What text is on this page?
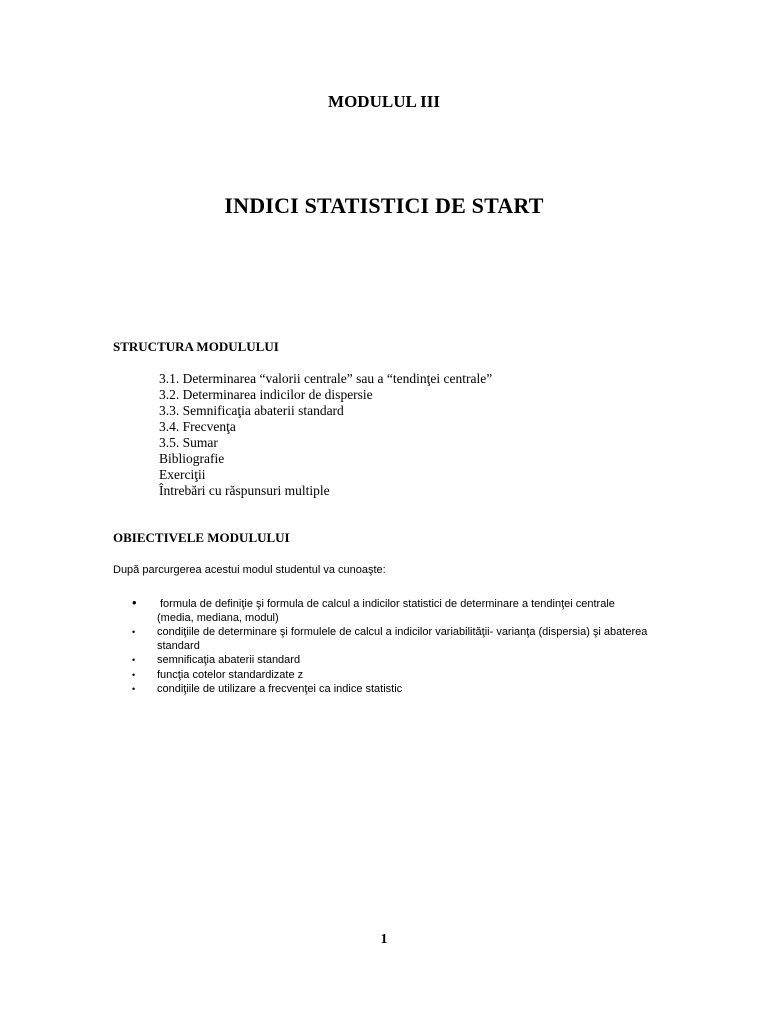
MODULUL III
INDICI STATISTICI DE START
STRUCTURA MODULULUI
3.1. Determinarea “valorii centrale” sau a “tendinţei centrale”
3.2. Determinarea indicilor de dispersie
3.3. Semnificaţia abaterii standard
3.4. Frecvenţa
3.5. Sumar
Bibliografie
Exerciţii
Întrebări cu răspunsuri multiple
OBIECTIVELE MODULULUI

După parcurgerea acestui modul studentul va cunoaşte:

• formula de definiţie şi formula de calcul a indicilor statistici de determinare a tendinţei centrale (media, mediana, modul)
• condiţiile de determinare şi formulele de calcul a indicilor variabilităţii- varianţa (dispersia) şi abaterea standard
• semnificaţia abaterii standard
• funcţia cotelor standardizate z
• condiţiile de utilizare a frecvenţei ca indice statistic

1
